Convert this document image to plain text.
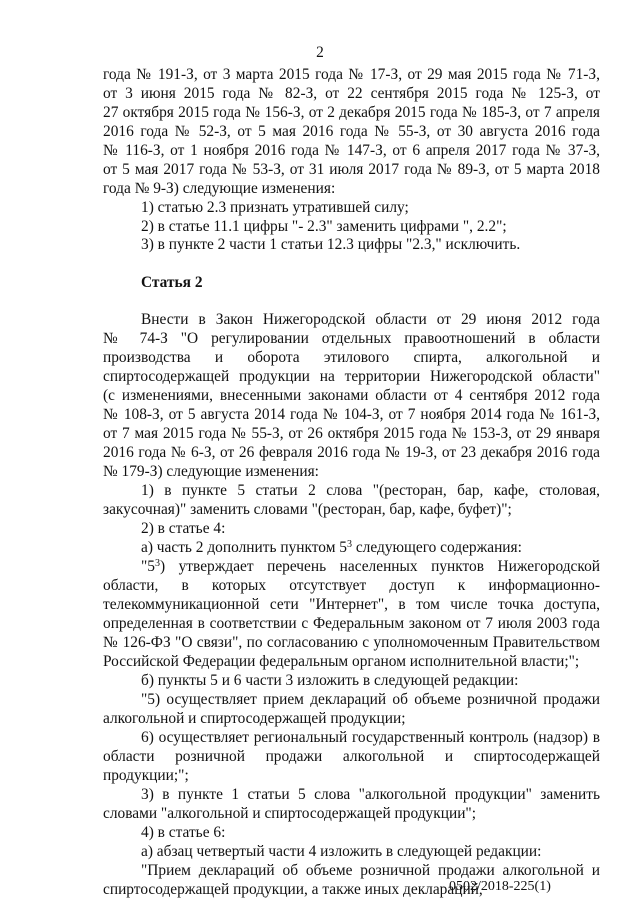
2
года № 191-З, от 3 марта 2015 года № 17-З, от 29 мая 2015 года № 71-З,
от 3 июня 2015 года № 82-З, от 22 сентября 2015 года № 125-З, от
27 октября 2015 года № 156-З, от 2 декабря 2015 года № 185-З, от 7 апреля
2016 года № 52-З, от 5 мая 2016 года № 55-З, от 30 августа 2016 года
№ 116-З, от 1 ноября 2016 года № 147-З, от 6 апреля 2017 года № 37-З,
от 5 мая 2017 года № 53-З, от 31 июля 2017 года № 89-З, от 5 марта 2018
года № 9-З) следующие изменения:
1) статью 2.3 признать утратившей силу;
2) в статье 11.1 цифры "- 2.3" заменить цифрами ", 2.2";
3) в пункте 2 части 1 статьи 12.3 цифры "2.3," исключить.
Статья 2
Внести в Закон Нижегородской области от 29 июня 2012 года
№ 74-З "О регулировании отдельных правоотношений в области
производства и оборота этилового спирта, алкогольной и
спиртосодержащей продукции на территории Нижегородской области"
(с изменениями, внесенными законами области от 4 сентября 2012 года
№ 108-З, от 5 августа 2014 года № 104-З, от 7 ноября 2014 года № 161-З,
от 7 мая 2015 года № 55-З, от 26 октября 2015 года № 153-З, от 29 января
2016 года № 6-З, от 26 февраля 2016 года № 19-З, от 23 декабря 2016 года
№ 179-З) следующие изменения:
1) в пункте 5 статьи 2 слова "(ресторан, бар, кафе, столовая,
закусочная)" заменить словами "(ресторан, бар, кафе, буфет)";
2) в статье 4:
а) часть 2 дополнить пунктом $5^3$ следующего содержания:
"$5^3$) утверждает перечень населенных пунктов Нижегородской
области, в которых отсутствует доступ к информационно-
телекоммуникационной сети "Интернет", в том числе точка доступа,
определенная в соответствии с Федеральным законом от 7 июля 2003 года
№ 126-ФЗ "О связи", по согласованию с уполномоченным Правительством
Российской Федерации федеральным органом исполнительной власти;";
б) пункты 5 и 6 части 3 изложить в следующей редакции:
"5) осуществляет прием деклараций об объеме розничной продажи
алкогольной и спиртосодержащей продукции;
6) осуществляет региональный государственный контроль (надзор) в
области розничной продажи алкогольной и спиртосодержащей
продукции;";
3) в пункте 1 статьи 5 слова "алкогольной продукции" заменить
словами "алкогольной и спиртосодержащей продукции";
4) в статье 6:
а) абзац четвертый части 4 изложить в следующей редакции:
"Прием деклараций об объеме розничной продажи алкогольной и
спиртосодержащей продукции, а также иных деклараций,
0502/2018-225(1)
